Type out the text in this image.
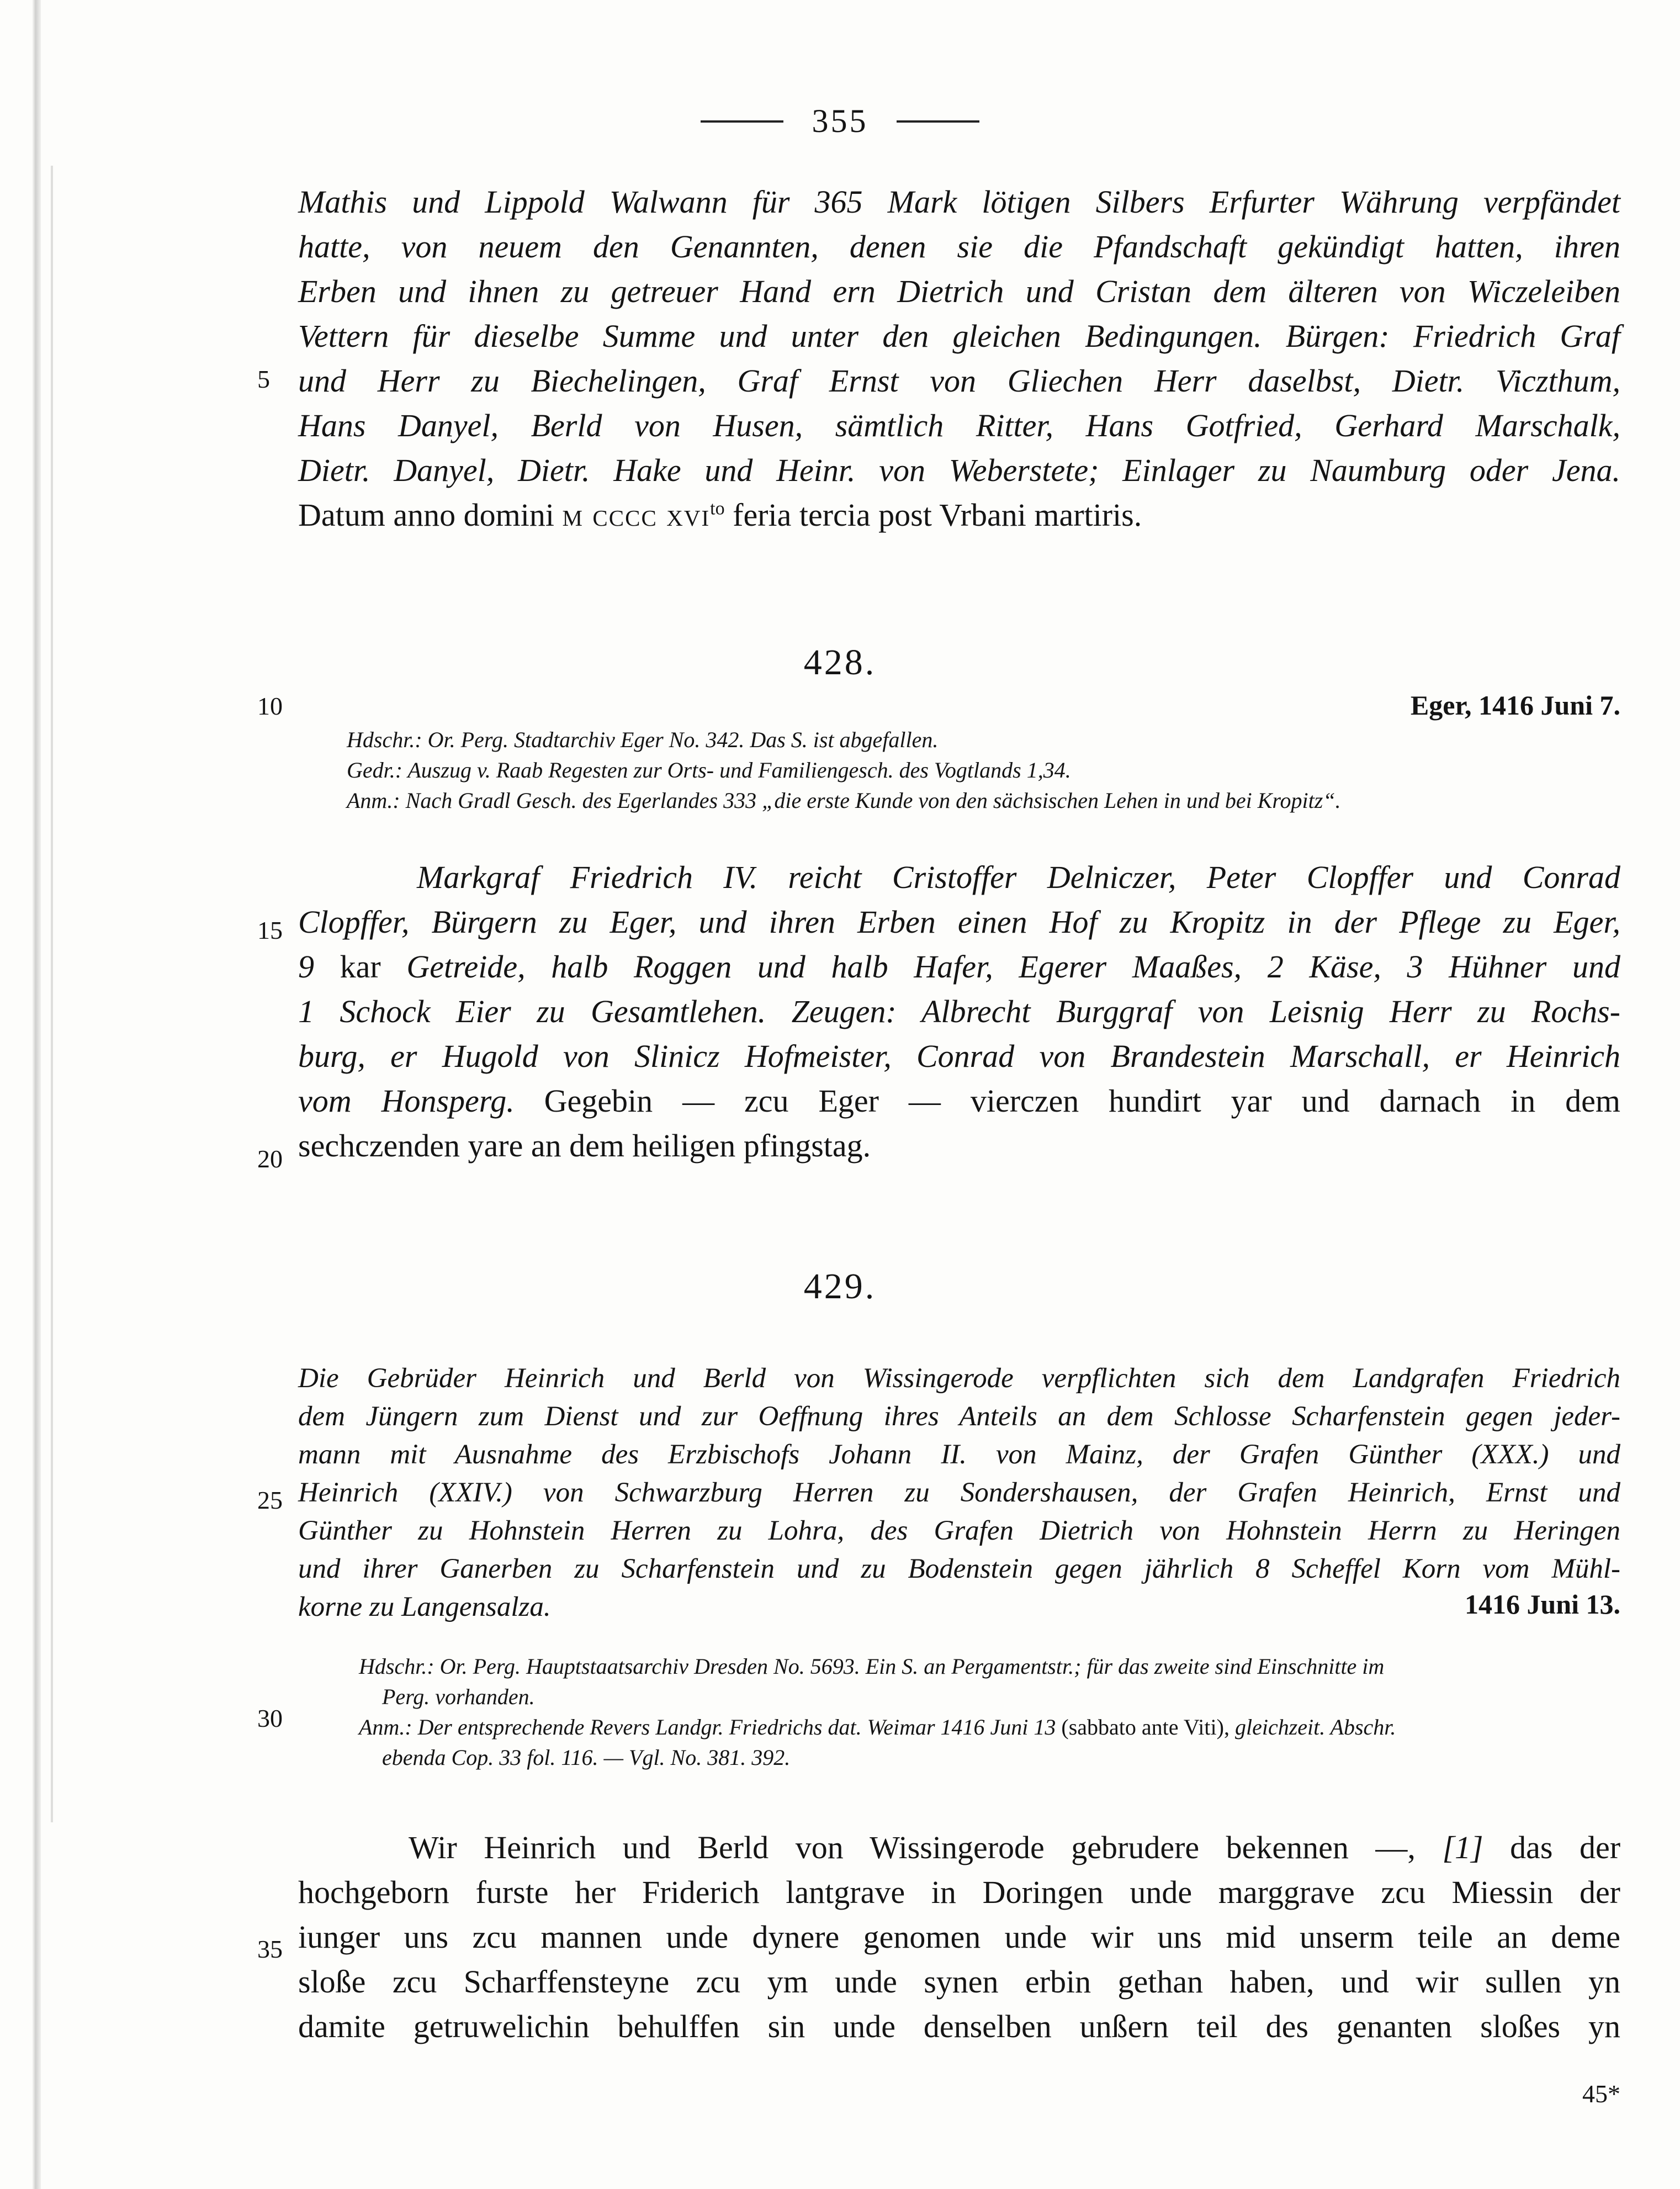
355
Mathis und Lippold Walwann für 365 Mark lötigen Silbers Erfurter Währung verpfändet
hatte, von neuem den Genannten, denen sie die Pfandschaft gekündigt hatten, ihren
Erben und ihnen zu getreuer Hand ern Dietrich und Cristan dem älteren von Wiczeleiben
Vettern für dieselbe Summe und unter den gleichen Bedingungen. Bürgen: Friedrich Graf
und Herr zu Biechelingen, Graf Ernst von Gliechen Herr daselbst, Dietr. Viczthum,
Hans Danyel, Berld von Husen, sämtlich Ritter, Hans Gotfried, Gerhard Marschalk,
Dietr. Danyel, Dietr. Hake und Heinr. von Weberstete; Einlager zu Naumburg oder Jena.
Datum anno domini m cccc xvi$^{to}$ feria tercia post Vrbani martiris.
5
10
15
20
25
30
35
428.
Eger, 1416 Juni 7.
Hdschr.: Or. Perg. Stadtarchiv Eger No. 342. Das S. ist abgefallen.
Gedr.: Auszug v. Raab Regesten zur Orts- und Familiengesch. des Vogtlands 1,34.
Anm.: Nach Gradl Gesch. des Egerlandes 333 „die erste Kunde von den sächsischen Lehen in und bei Kropitz“.
Markgraf Friedrich IV. reicht Cristoffer Delniczer, Peter Clopffer und Conrad
Clopffer, Bürgern zu Eger, und ihren Erben einen Hof zu Kropitz in der Pflege zu Eger,
9 kar Getreide, halb Roggen und halb Hafer, Egerer Maaßes, 2 Käse, 3 Hühner und
1 Schock Eier zu Gesamtlehen. Zeugen: Albrecht Burggraf von Leisnig Herr zu Rochs-
burg, er Hugold von Slinicz Hofmeister, Conrad von Brandestein Marschall, er Heinrich
vom Honsperg. Gegebin — zcu Eger — vierczen hundirt yar und darnach in dem
sechczenden yare an dem heiligen pfingstag.
429.
Die Gebrüder Heinrich und Berld von Wissingerode verpflichten sich dem Landgrafen Friedrich
dem Jüngern zum Dienst und zur Oeffnung ihres Anteils an dem Schlosse Scharfenstein gegen jeder-
mann mit Ausnahme des Erzbischofs Johann II. von Mainz, der Grafen Günther (XXX.) und
Heinrich (XXIV.) von Schwarzburg Herren zu Sondershausen, der Grafen Heinrich, Ernst und
Günther zu Hohnstein Herren zu Lohra, des Grafen Dietrich von Hohnstein Herrn zu Heringen
und ihrer Ganerben zu Scharfenstein und zu Bodenstein gegen jährlich 8 Scheffel Korn vom Mühl-
korne zu Langensalza.	1416 Juni 13.
Hdschr.: Or. Perg. Hauptstaatsarchiv Dresden No. 5693. Ein S. an Pergamentstr.; für das zweite sind Einschnitte im
Perg. vorhanden.
Anm.: Der entsprechende Revers Landgr. Friedrichs dat. Weimar 1416 Juni 13 (sabbato ante Viti), gleichzeit. Abschr.
ebenda Cop. 33 fol. 116. — Vgl. No. 381. 392.
Wir Heinrich und Berld von Wissingerode gebrudere bekennen —, [1] das der
hochgeborn furste her Friderich lantgrave in Doringen unde marggrave zcu Miessin der
iunger uns zcu mannen unde dynere genomen unde wir uns mid unserm teile an deme
sloße zcu Scharffensteyne zcu ym unde synen erbin gethan haben, und wir sullen yn
damite getruwelichin behulffen sin unde denselben unßern teil des genanten sloßes yn
45*
